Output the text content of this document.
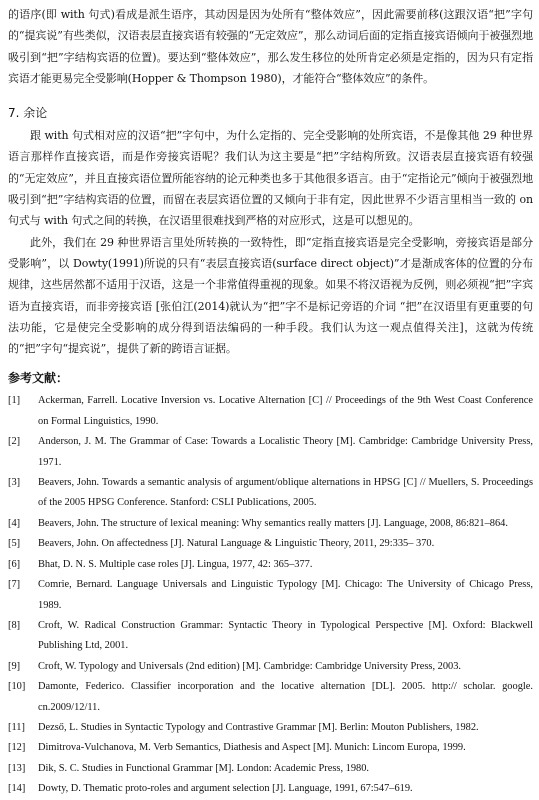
的语序(即 with 句式)看成是派生语序，其动因是因为处所有“整体效应”，因此需要前移(这跟汉语“把”字句的“提宾说”有些类似，汉语表层直接宾语有较强的“无定效应”，那么动词后面的定指直接宾语倾向于被强烈地吸引到“把”字结构宾语的位置)。要达到“整体效应”，那么发生移位的处所肯定必须是定指的，因为只有定指宾语才能更易完全受影响(Hopper & Thompson 1980)，才能符合“整体效应”的条件。

7. 余论

跟 with 句式相对应的汉语“把”字句中，为什么定指的、完全受影响的处所宾语，不是像其他 29 种世界语言那样作直接宾语，而是作旁接宾语呢？我们认为这主要是“把”字结构所致。汉语表层直接宾语有较强的“无定效应”，并且直接宾语位置所能容纳的论元种类也多于其他很多语言。由于“定指论元”倾向于被强烈地吸引到“把”字结构宾语的位置，而留在表层宾语位置的又倾向于非有定，因此世界不少语言里相当一致的 on 句式与 with 句式之间的转换，在汉语里很难找到严格的对应形式，这是可以想见的。

此外，我们在 29 种世界语言里处所转换的一致特性，即“定指直接宾语是完全受影响，旁接宾语是部分受影响”，以 Dowty(1991)所说的只有“表层直接宾语(surface direct object)”才是渐成客体的位置的分布规律，这些居然都不适用于汉语，这是一个非常值得重视的现象。如果不将汉语视为反例，则必须视“把”字宾语为直接宾语，而非旁接宾语 [张伯江(2014)就认为“把”字不是标记旁语的介词 “把”在汉语里有更重要的句法功能，它是使完全受影响的成分得到语法编码的一种手段。我们认为这一观点值得关注]，这就为传统的“把”字句“提宾说”，提供了新的跨语言证据。

参考文献：
[1]	Ackerman, Farrell. Locative Inversion vs. Locative Alternation [C] // Proceedings of the 9th West Coast Conference on Formal Linguistics, 1990.
[2]	Anderson, J. M. The Grammar of Case: Towards a Localistic Theory [M]. Cambridge: Cambridge University Press, 1971.
[3]	Beavers, John. Towards a semantic analysis of argument/oblique alternations in HPSG [C] // Muellers, S. Proceedings of the 2005 HPSG Conference. Stanford: CSLI Publications, 2005.
[4]	Beavers, John. The structure of lexical meaning: Why semantics really matters [J]. Language, 2008, 86:821–864.
[5]	Beavers, John. On affectedness [J]. Natural Language & Linguistic Theory, 2011, 29:335– 370.
[6]	Bhat, D. N. S. Multiple case roles [J]. Lingua, 1977, 42: 365–377.
[7]	Comrie, Bernard. Language Universals and Linguistic Typology [M]. Chicago: The University of Chicago Press, 1989.
[8]	Croft, W. Radical Construction Grammar: Syntactic Theory in Typological Perspective [M]. Oxford: Blackwell Publishing Ltd, 2001.
[9]	Croft, W. Typology and Universals (2nd edition) [M]. Cambridge: Cambridge University Press, 2003.
[10]	Damonte, Federico. Classifier incorporation and the locative alternation [DL]. 2005. http:// scholar. google. cn.2009/12/11.
[11]	Dezső, L. Studies in Syntactic Typology and Contrastive Grammar [M]. Berlin: Mouton Publishers, 1982.
[12]	Dimitrova-Vulchanova, M. Verb Semantics, Diathesis and Aspect [M]. Munich: Lincom Europa, 1999.
[13]	Dik, S. C. Studies in Functional Grammar [M]. London: Academic Press, 1980.
[14]	Dowty, D. Thematic proto-roles and argument selection [J]. Language, 1991, 67:547–619.
